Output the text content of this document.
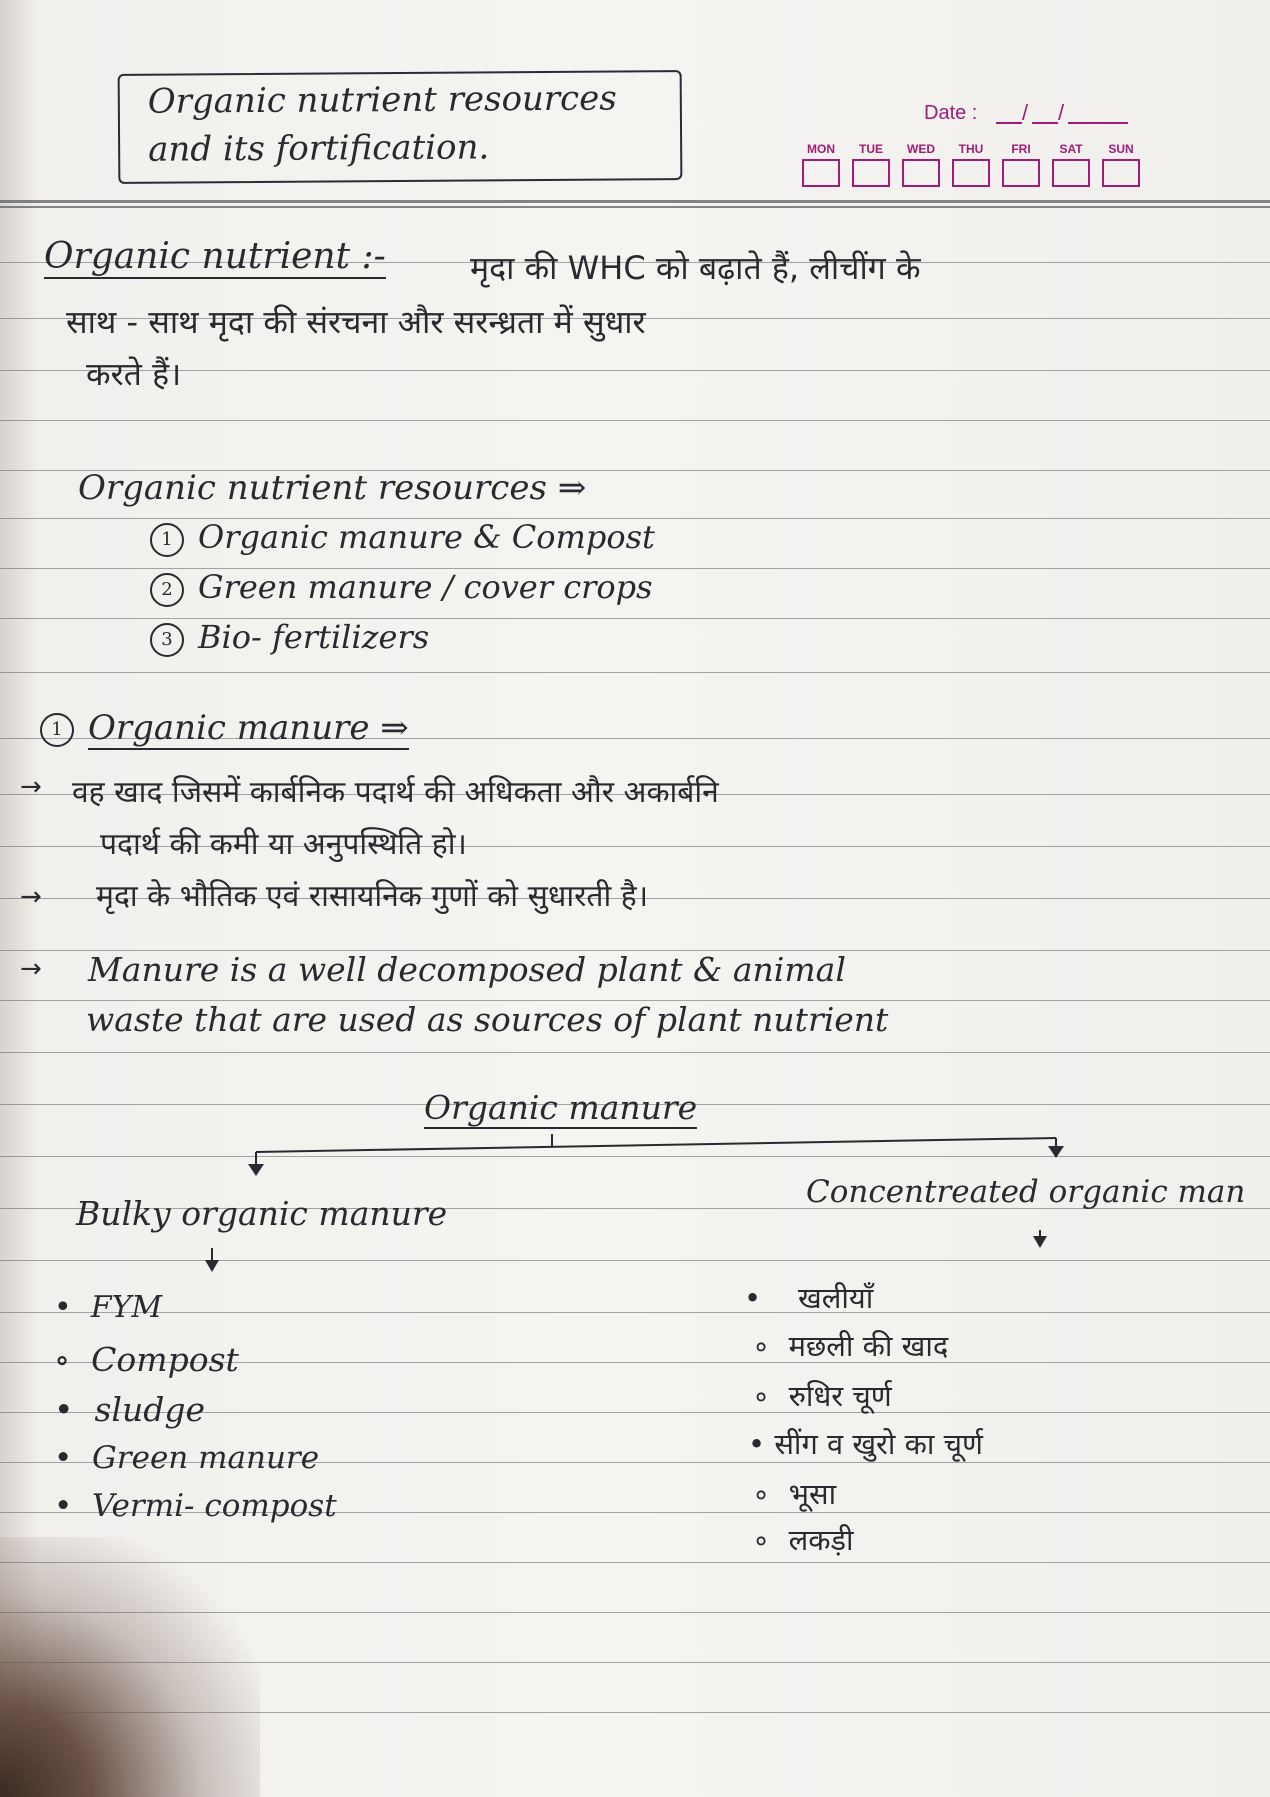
Organic nutrient resources
and its fortification.
Date : / /
MON	TUE	WED	THU	FRI	SAT	SUN
Organic nutrient :-	मृदा की WHC को बढ़ाते हैं, लीचींग के
साथ - साथ मृदा की संरचना और सरन्ध्रता में सुधार
करते हैं।
Organic nutrient resources ⇒
1 Organic manure & Compost
2 Green manure / cover crops
3 Bio- fertilizers
1 Organic manure ⇒
→ वह खाद जिसमें कार्बनिक पदार्थ की अधिकता और अकार्बनि
पदार्थ की कमी या अनुपस्थिति हो।
→ मृदा के भौतिक एवं रासायनिक गुणों को सुधारती है।
→ Manure is a well decomposed plant & animal
waste that are used as sources of plant nutrient
Organic manure
Bulky organic manure
Concentreated organic man
• FYM
∘ Compost
• sludge
• Green manure
• Vermi- compost
• खलीयाँ
∘ मछली की खाद
∘ रुधिर चूर्ण
• सींग व खुरो का चूर्ण
∘ भूसा
∘ लकड़ी
